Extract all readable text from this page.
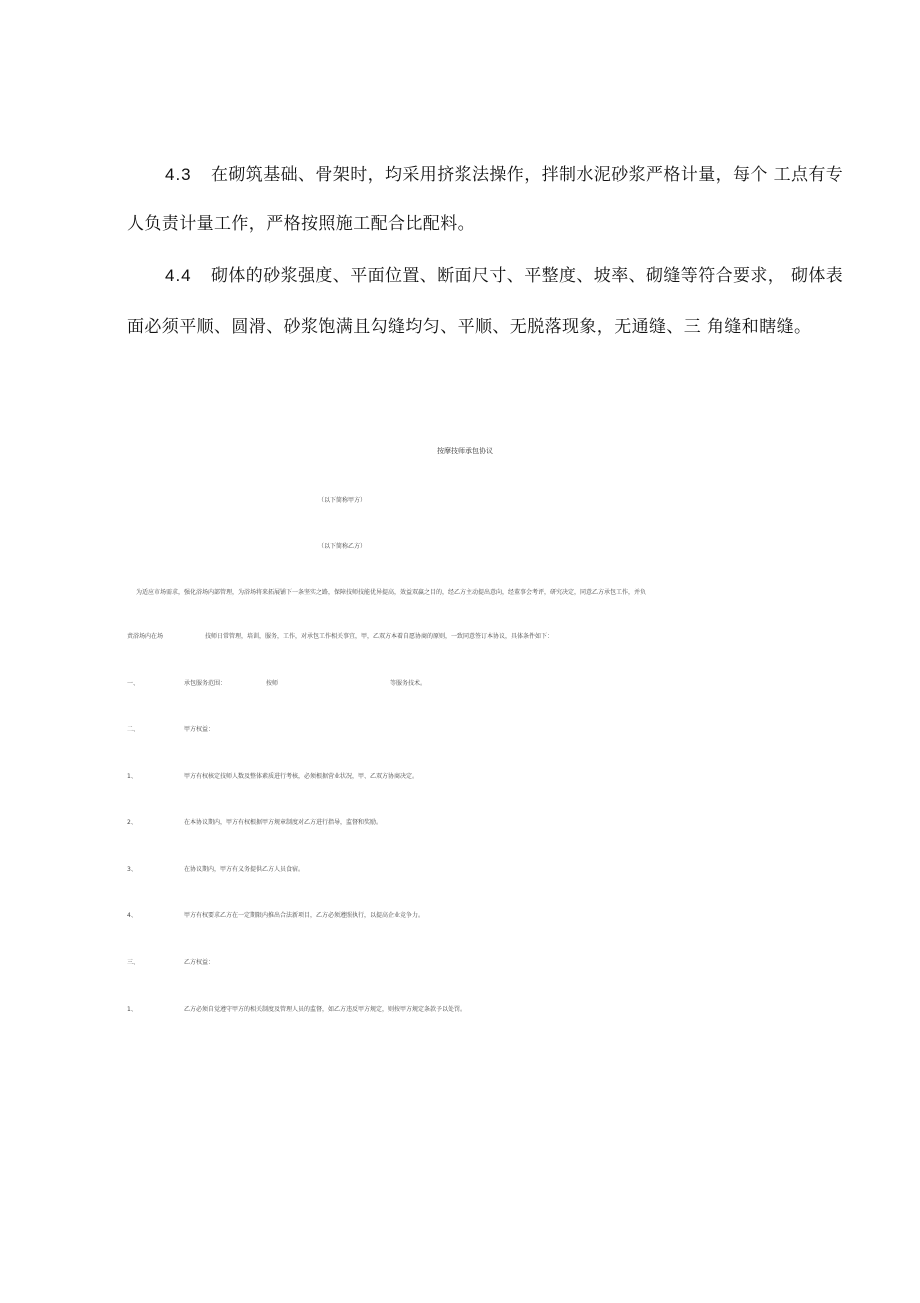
4.3 在砌筑基础、骨架时，均采用挤浆法操作，拌制水泥砂浆严格计量，每个 工点有专
人负责计量工作，严格按照施工配合比配料。
4.4 砌体的砂浆强度、平面位置、断面尺寸、平整度、坡率、砌缝等符合要求， 砌体表
面必须平顺、圆滑、砂浆饱满且勾缝均匀、平顺、无脱落现象，无通缝、三 角缝和瞎缝。
按摩技师承包协议
（以下简称甲方）
（以下简称乙方）
为适应市场需求，强化浴场内部管理，为浴场将来拓展铺下一条坚实之路，保障技师技能优异提高，效益双赢之目的，经乙方主动提出意向，经董事会考评，研究决定，同意乙方承包工作，并负
责浴场内在场	技师日常管理，培训，服务，工作，对承包工作相关事宜，甲，乙双方本着自愿协商的原则，一致同意签订本协议，具体条件如下：
一、	承包服务范围：	按师	等服务技术。
二、	甲方权益：
1、	甲方有权核定技师人数及整体素质进行考核，必须根据营业状况，甲、乙双方协商决定。
2、	在本协议期内，甲方有权根据甲方规章制度对乙方进行指导，监督和奖励。
3、	在协议期内，甲方有义务提供乙方人员食宿。
4、	甲方有权要求乙方在一定期限内推出合法新项目，乙方必须遵照执行，以提高企业竞争力。
三、	乙方权益：
1、	乙方必须自觉遵守甲方的相关制度及管理人员的监督，如乙方违反甲方规定，则按甲方规定条款予以处罚。
